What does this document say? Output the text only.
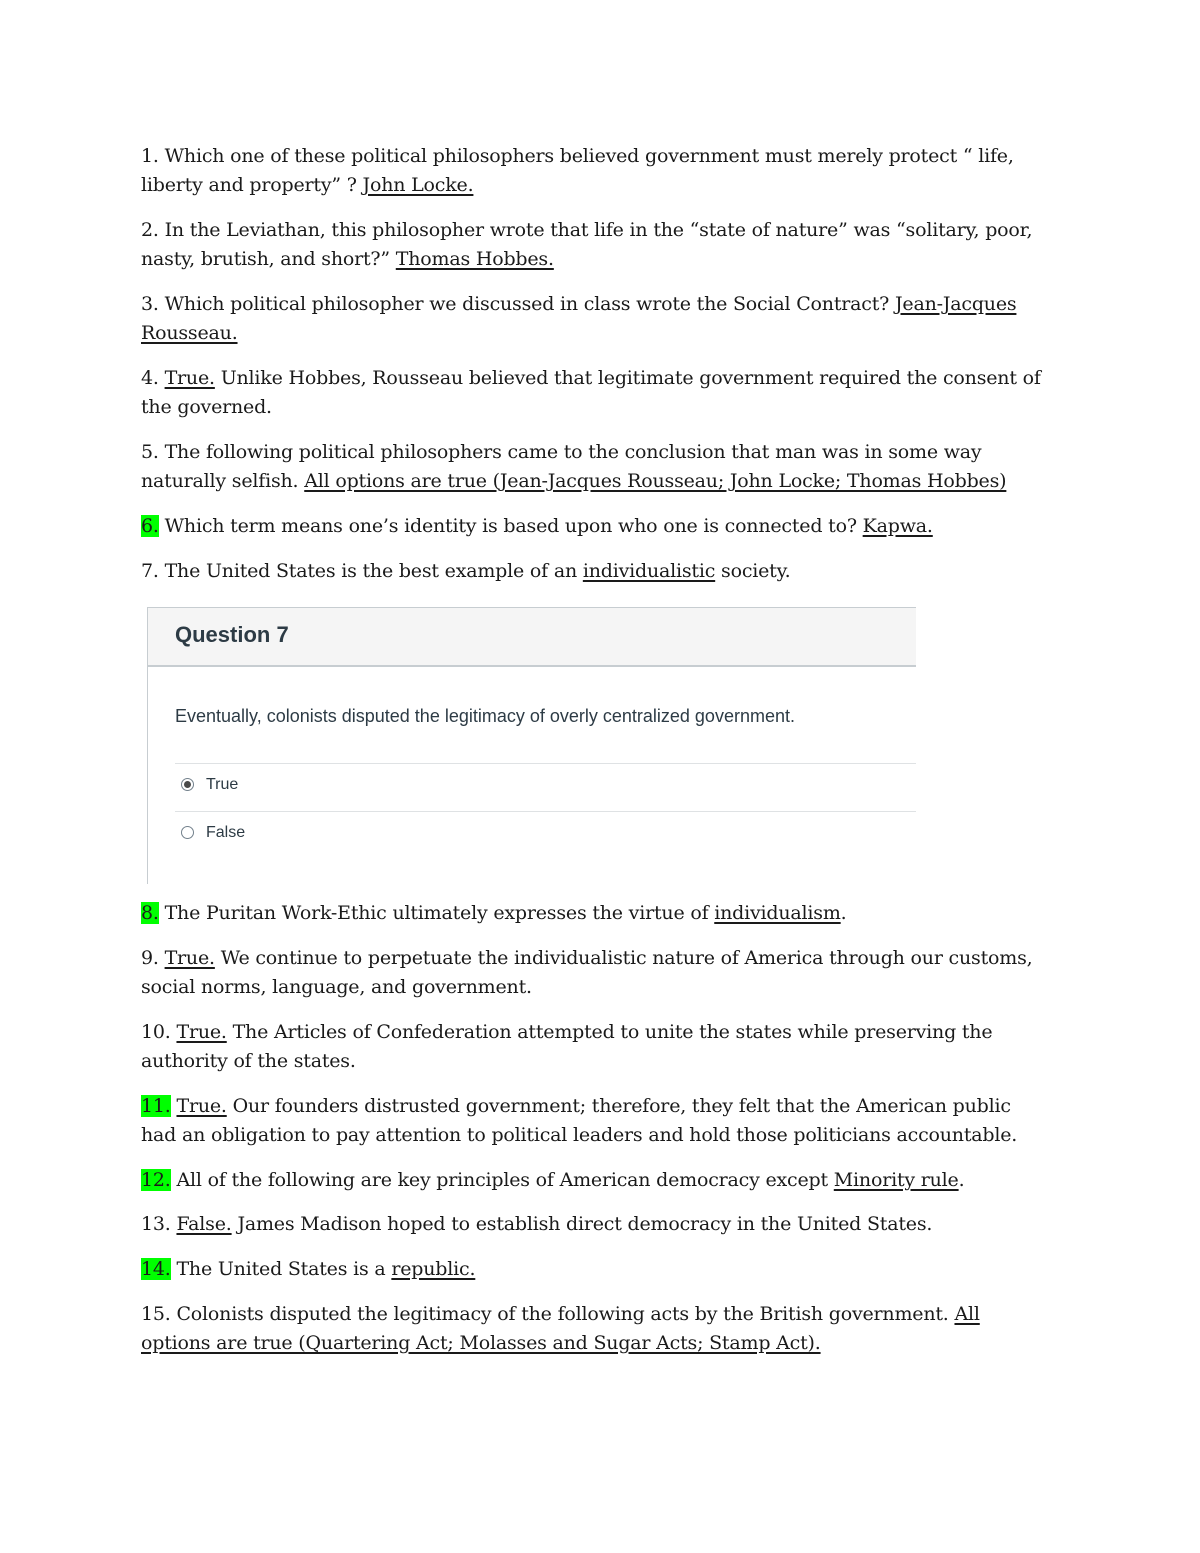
1. Which one of these political philosophers believed government must merely protect “ life, liberty and property” ? John Locke.

2. In the Leviathan, this philosopher wrote that life in the “state of nature” was “solitary, poor, nasty, brutish, and short?” Thomas Hobbes.

3. Which political philosopher we discussed in class wrote the Social Contract? Jean-Jacques Rousseau.

4. True. Unlike Hobbes, Rousseau believed that legitimate government required the consent of the governed.

5. The following political philosophers came to the conclusion that man was in some way naturally selfish. All options are true (Jean-Jacques Rousseau; John Locke; Thomas Hobbes)

6. Which term means one’s identity is based upon who one is connected to? Kapwa.

7. The United States is the best example of an individualistic society.

8. The Puritan Work-Ethic ultimately expresses the virtue of individualism.

9. True. We continue to perpetuate the individualistic nature of America through our customs, social norms, language, and government.

10. True. The Articles of Confederation attempted to unite the states while preserving the authority of the states.

11. True. Our founders distrusted government; therefore, they felt that the American public had an obligation to pay attention to political leaders and hold those politicians accountable.

12. All of the following are key principles of American democracy except Minority rule.

13. False. James Madison hoped to establish direct democracy in the United States.

14. The United States is a republic.

15. Colonists disputed the legitimacy of the following acts by the British government. All options are true (Quartering Act; Molasses and Sugar Acts; Stamp Act).

Question 7
Eventually, colonists disputed the legitimacy of overly centralized government.
True
False
